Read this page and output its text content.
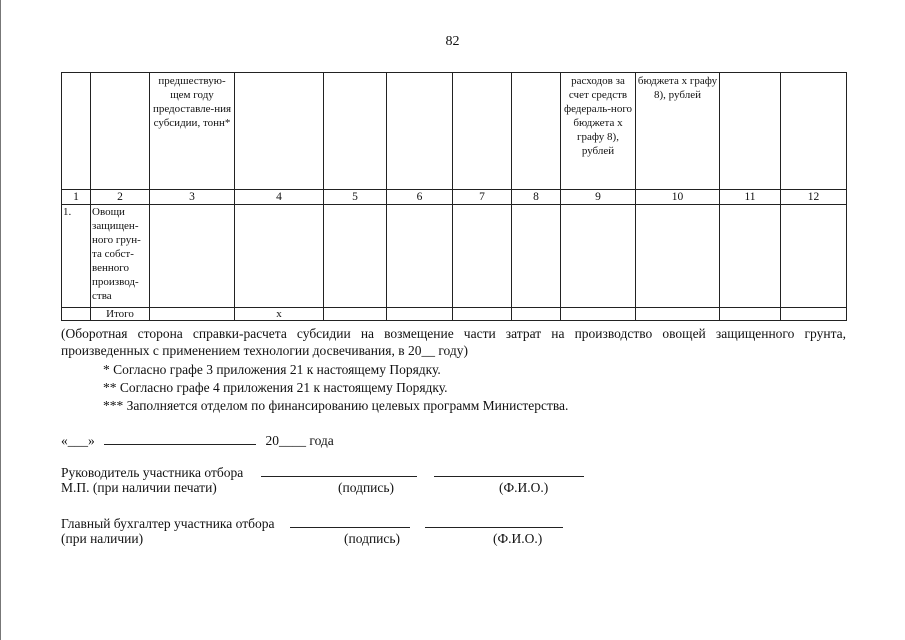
82
		предшествую-щем году предоставле-ния субсидии, тонн*						расходов за счет средств федераль-ного бюджета х графу 8), рублей	бюджета х графу 8), рублей		
1	2	3	4	5	6	7	8	9	10	11	12
1.	Овощи защищен-ного грун-та собст-венного производ-ства										
	Итого		х								
(Оборотная сторона справки-расчета субсидии на возмещение части затрат на производство овощей защищенного грунта, произведенных с применением технологии досвечивания, в 20__ году)
* Согласно графе 3 приложения 21 к настоящему Порядку.
** Согласно графе 4 приложения 21 к настоящему Порядку.
*** Заполняется отделом по финансированию целевых программ Министерства.
«___»	20____ года
Руководитель участника отбора
М.П. (при наличии печати)	(подпись)	(Ф.И.О.)
Главный бухгалтер участника отбора
(при наличии)	(подпись)	(Ф.И.О.)
